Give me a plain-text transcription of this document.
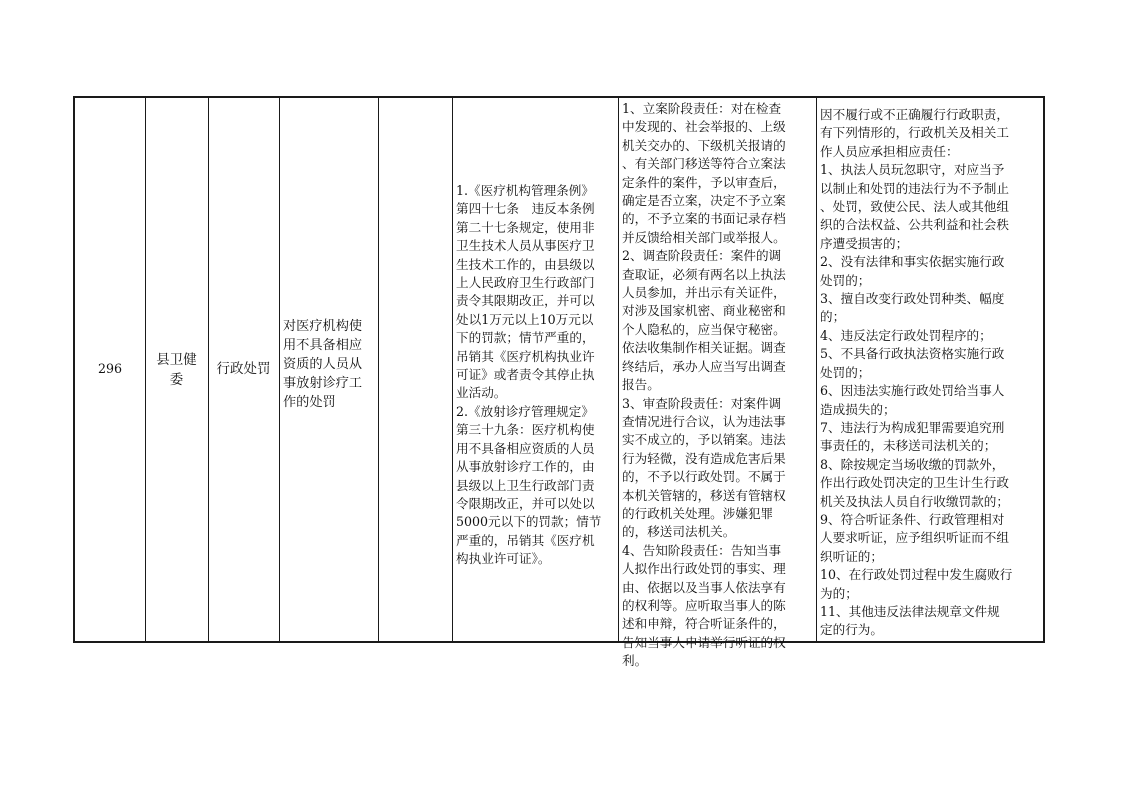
296
县卫健
委
行政处罚
对医疗机构使
用不具备相应
资质的人员从
事放射诊疗工
作的处罚
1.《医疗机构管理条例》
第四十七条　违反本条例
第二十七条规定，使用非
卫生技术人员从事医疗卫
生技术工作的，由县级以
上人民政府卫生行政部门
责令其限期改正，并可以
处以1万元以上10万元以
下的罚款；情节严重的，
吊销其《医疗机构执业许
可证》或者责令其停止执
业活动。
2.《放射诊疗管理规定》
第三十九条：医疗机构使
用不具备相应资质的人员
从事放射诊疗工作的，由
县级以上卫生行政部门责
令限期改正，并可以处以
5000元以下的罚款；情节
严重的，吊销其《医疗机
构执业许可证》。
1、立案阶段责任：对在检查
中发现的、社会举报的、上级
机关交办的、下级机关报请的
、有关部门移送等符合立案法
定条件的案件，予以审查后，
确定是否立案，决定不予立案
的，不予立案的书面记录存档
并反馈给相关部门或举报人。
2、调查阶段责任：案件的调
查取证，必须有两名以上执法
人员参加，并出示有关证件，
对涉及国家机密、商业秘密和
个人隐私的，应当保守秘密。
依法收集制作相关证据。调查
终结后，承办人应当写出调查
报告。
3、审查阶段责任：对案件调
查情况进行合议，认为违法事
实不成立的，予以销案。违法
行为轻微，没有造成危害后果
的，不予以行政处罚。不属于
本机关管辖的，移送有管辖权
的行政机关处理。涉嫌犯罪
的，移送司法机关。
4、告知阶段责任：告知当事
人拟作出行政处罚的事实、理
由、依据以及当事人依法享有
的权利等。应听取当事人的陈
述和申辩，符合听证条件的，
告知当事人申请举行听证的权
利。
因不履行或不正确履行行政职责，
有下列情形的，行政机关及相关工
作人员应承担相应责任：
1、执法人员玩忽职守，对应当予
以制止和处罚的违法行为不予制止
、处罚，致使公民、法人或其他组
织的合法权益、公共利益和社会秩
序遭受损害的；
2、没有法律和事实依据实施行政
处罚的；
3、擅自改变行政处罚种类、幅度
的；
4、违反法定行政处罚程序的；
5、不具备行政执法资格实施行政
处罚的；
6、因违法实施行政处罚给当事人
造成损失的；
7、违法行为构成犯罪需要追究刑
事责任的，未移送司法机关的；
8、除按规定当场收缴的罚款外，
作出行政处罚决定的卫生计生行政
机关及执法人员自行收缴罚款的；
9、符合听证条件、行政管理相对
人要求听证，应予组织听证而不组
织听证的；
10、在行政处罚过程中发生腐败行
为的；
11、其他违反法律法规章文件规
定的行为。
